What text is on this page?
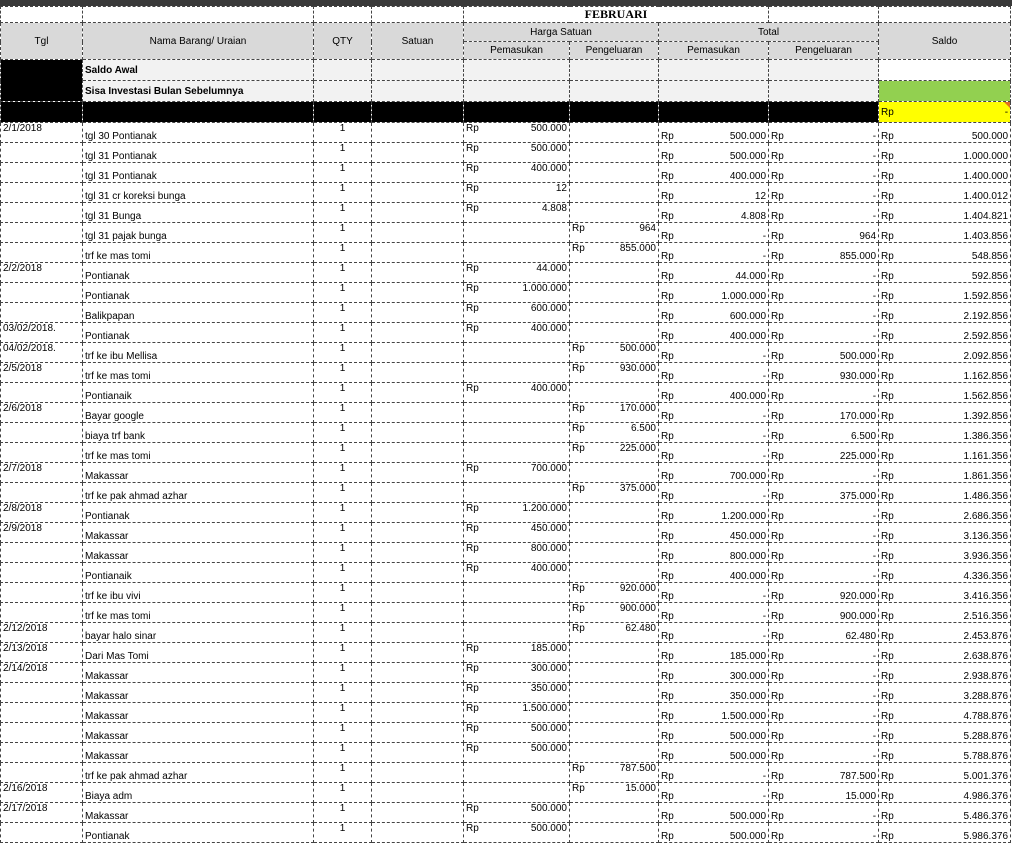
				FEBRUARI				
Tgl	Nama Barang/ Uraian	QTY	Satuan	Harga Satuan		Total		Saldo
				Pemasukan	Pengeluaran	Pemasukan	Pengeluaran	
	Saldo Awal							
	Sisa Investasi Bulan Sebelumnya							

								Rp -

2/1/2018	tgl 30 Pontianak	1		Rp 500.000		Rp 500.000	Rp -	Rp 500.000

	tgl 31 Pontianak	1		Rp 500.000		Rp 500.000	Rp -	Rp 1.000.000

	tgl 31 Pontianak	1		Rp 400.000		Rp 400.000	Rp -	Rp 1.400.000

	tgl 31 cr koreksi bunga	1		Rp 12		Rp 12	Rp -	Rp 1.400.012

	tgl 31 Bunga	1		Rp 4.808		Rp 4.808	Rp -	Rp 1.404.821

	tgl 31 pajak bunga	1			Rp 964	Rp -	Rp 964	Rp 1.403.856

	trf ke mas tomi	1			Rp 855.000	Rp -	Rp 855.000	Rp 548.856

2/2/2018	Pontianak	1		Rp 44.000		Rp 44.000	Rp -	Rp 592.856

	Pontianak	1		Rp 1.000.000		Rp 1.000.000	Rp -	Rp 1.592.856

	Balikpapan	1		Rp 600.000		Rp 600.000	Rp -	Rp 2.192.856

03/02/2018.	Pontianak	1		Rp 400.000		Rp 400.000	Rp -	Rp 2.592.856

04/02/2018.	trf ke ibu Mellisa	1			Rp 500.000	Rp -	Rp 500.000	Rp 2.092.856

2/5/2018	trf ke mas tomi	1			Rp 930.000	Rp -	Rp 930.000	Rp 1.162.856

	Pontianaik	1		Rp 400.000		Rp 400.000	Rp -	Rp 1.562.856

2/6/2018	Bayar google	1			Rp 170.000	Rp -	Rp 170.000	Rp 1.392.856

	biaya trf bank	1			Rp 6.500	Rp -	Rp 6.500	Rp 1.386.356

	trf ke mas tomi	1			Rp 225.000	Rp -	Rp 225.000	Rp 1.161.356

2/7/2018	Makassar	1		Rp 700.000		Rp 700.000	Rp -	Rp 1.861.356

	trf ke pak ahmad azhar	1			Rp 375.000	Rp -	Rp 375.000	Rp 1.486.356

2/8/2018	Pontianak	1		Rp 1.200.000		Rp 1.200.000	Rp -	Rp 2.686.356

2/9/2018	Makassar	1		Rp 450.000		Rp 450.000	Rp -	Rp 3.136.356

	Makassar	1		Rp 800.000		Rp 800.000	Rp -	Rp 3.936.356

	Pontianaik	1		Rp 400.000		Rp 400.000	Rp -	Rp 4.336.356

	trf ke ibu vivi	1			Rp 920.000	Rp -	Rp 920.000	Rp 3.416.356

	trf ke mas tomi	1			Rp 900.000	Rp -	Rp 900.000	Rp 2.516.356

2/12/2018	bayar halo sinar	1			Rp 62.480	Rp -	Rp 62.480	Rp 2.453.876

2/13/2018	Dari Mas Tomi	1		Rp 185.000		Rp 185.000	Rp -	Rp 2.638.876

2/14/2018	Makassar	1		Rp 300.000		Rp 300.000	Rp -	Rp 2.938.876

	Makassar	1		Rp 350.000		Rp 350.000	Rp -	Rp 3.288.876

	Makassar	1		Rp 1.500.000		Rp 1.500.000	Rp -	Rp 4.788.876

	Makassar	1		Rp 500.000		Rp 500.000	Rp -	Rp 5.288.876

	Makassar	1		Rp 500.000		Rp 500.000	Rp -	Rp 5.788.876

	trf ke pak ahmad azhar	1			Rp 787.500	Rp -	Rp 787.500	Rp 5.001.376

2/16/2018	Biaya adm	1			Rp 15.000	Rp -	Rp 15.000	Rp 4.986.376

2/17/2018	Makassar	1		Rp 500.000		Rp 500.000	Rp -	Rp 5.486.376

	Pontianak	1		Rp 500.000		Rp 500.000	Rp -	Rp 5.986.376
